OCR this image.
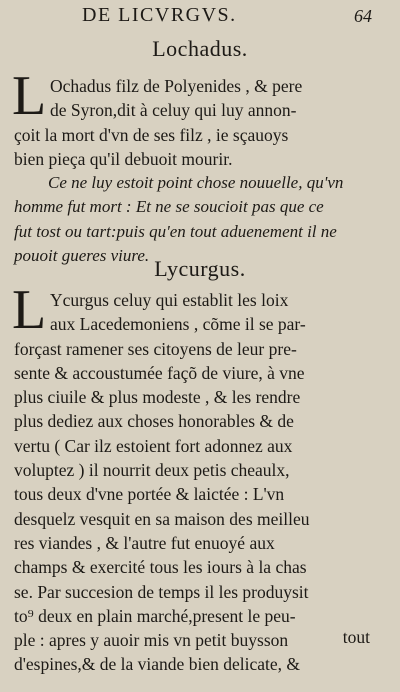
DE LICVRGVS.	64
Lochadus.
L Ochadus filz de Polyenides , & pere
de Syron,dit à celuy qui luy annon-
çoit la mort d'vn de ses filz , ie sçauoys
bien pieça qu'il debuoit mourir.
Ce ne luy estoit point chose nouuelle, qu'vn
homme fut mort : Et ne se soucioit pas que ce
fut tost ou tart:puis qu'en tout aduenement il ne
pouoit gueres viure.
Lycurgus.
L Ycurgus celuy qui establit les loix
aux Lacedemoniens , cõme il se par-
forçast ramener ses citoyens de leur pre-
sente & accoustumée façõ de viure, à vne
plus ciuile & plus modeste , & les rendre
plus dediez aux choses honorables & de
vertu ( Car ilz estoient fort adonnez aux
voluptez ) il nourrit deux petis cheaulx,
tous deux d'vne portée & laictée : L'vn
desquelz vesquit en sa maison des meilleu
res viandes , & l'autre fut enuoyé aux
champs & exercité tous les iours à la chas
se. Par succesion de temps il les produysit
to⁹ deux en plain marché,present le peu-
ple : apres y auoir mis vn petit buysson
d'espines,& de la viande bien delicate, &
tout
